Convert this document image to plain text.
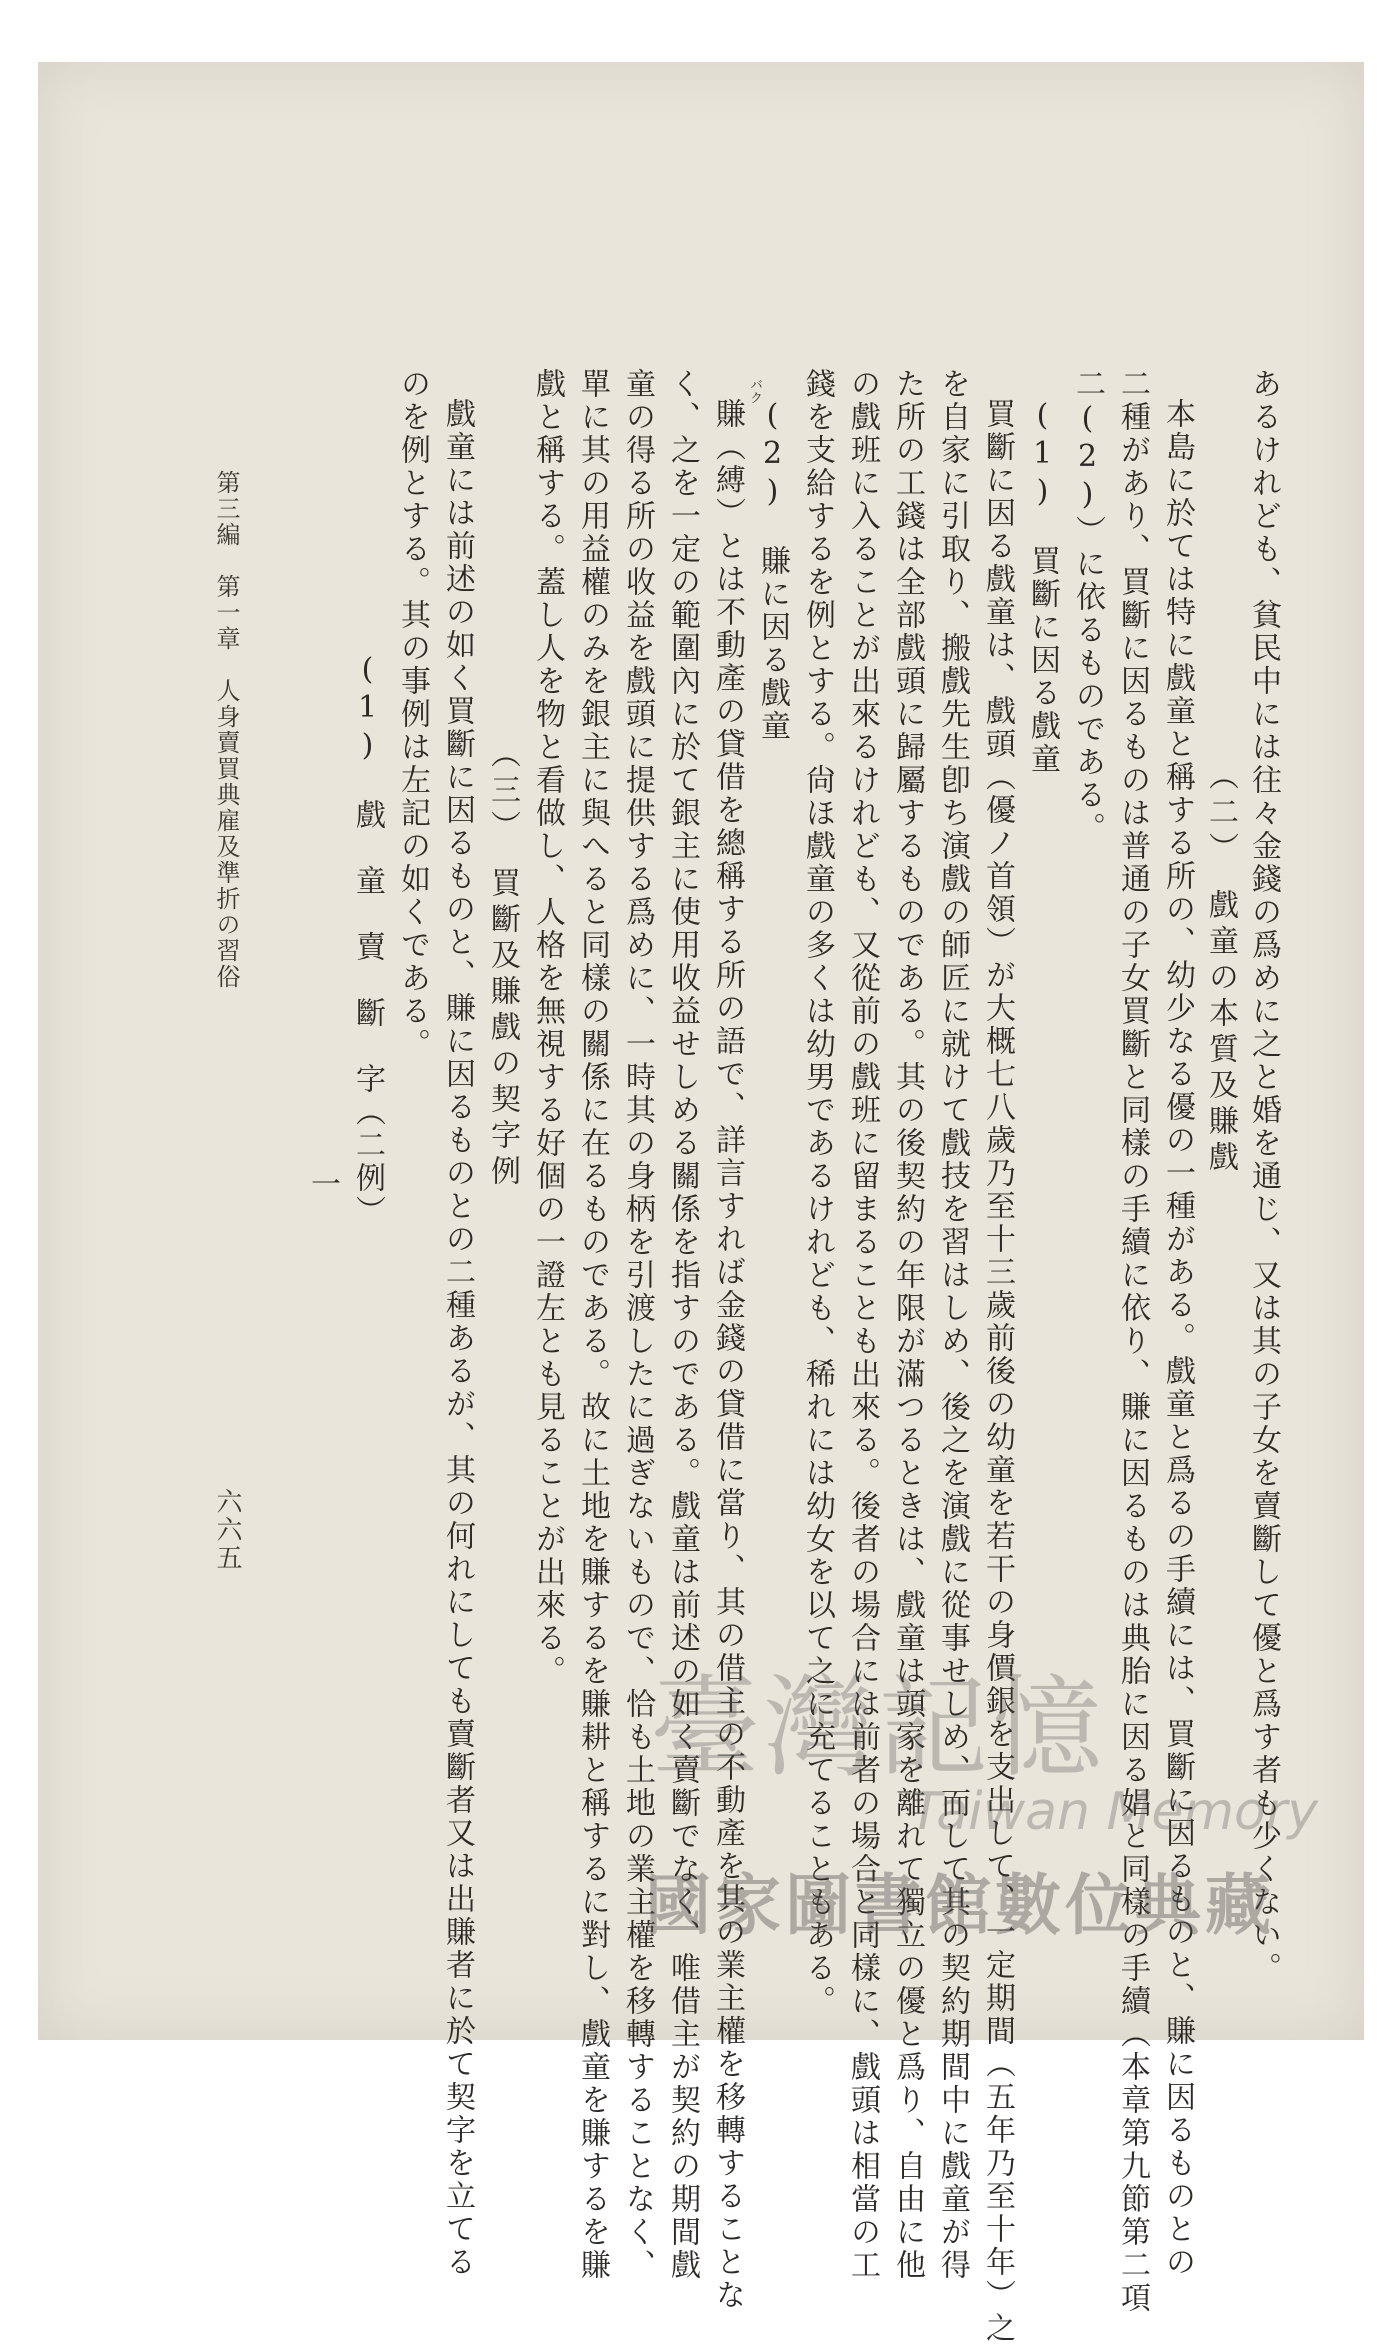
あるけれども、貧民中には往々金錢の爲めに之と婚を通じ、又は其の子女を賣斷して優と爲す者も少くない。
（二）　戲童の本質及賺戲
本島に於ては特に戲童と稱する所の、幼少なる優の一種がある。戲童と爲るの手續には、買斷に因るものと、賺に因るものとの
二種があり、買斷に因るものは普通の子女買斷と同樣の手續に依り、賺に因るものは典胎に因る娼と同樣の手續（本章第九節第二項
二(2)）に依るものである。
(1)　買斷に因る戲童
買斷に因る戲童は、戲頭（優ノ首領）が大概七八歲乃至十三歲前後の幼童を若干の身價銀を支出して、一定期間（五年乃至十年）之
を自家に引取り、搬戲先生卽ち演戲の師匠に就けて戲技を習はしめ、後之を演戲に從事せしめ、而して其の契約期間中に戲童が得
た所の工錢は全部戲頭に歸屬するものである。其の後契約の年限が滿つるときは、戲童は頭家を離れて獨立の優と爲り、自由に他
の戲班に入ることが出來るけれども、又從前の戲班に留まることも出來る。後者の場合には前者の場合と同樣に、戲頭は相當の工
錢を支給するを例とする。尙ほ戲童の多くは幼男であるけれども、稀れには幼女を以て之に充てることもある。
(2)　賺に因る戲童
バク
賺（縛）とは不動產の貸借を總稱する所の語で、詳言すれば金錢の貸借に當り、其の借主の不動產を其の業主權を移轉することな
く、之を一定の範圍內に於て銀主に使用收益せしめる關係を指すのである。戲童は前述の如く賣斷でなく、唯借主が契約の期間戲
童の得る所の收益を戲頭に提供する爲めに、一時其の身柄を引渡したに過ぎないもので、恰も土地の業主權を移轉することなく、
單に其の用益權のみを銀主に與へると同樣の關係に在るものである。故に土地を賺するを賺耕と稱するに對し、戲童を賺するを賺
戲と稱する。蓋し人を物と看做し、人格を無視する好個の一證左とも見ることが出來る。
（三）　買斷及賺戲の契字例
戲童には前述の如く買斷に因るものと、賺に因るものとの二種あるが、其の何れにしても賣斷者又は出賺者に於て契字を立てる
のを例とする。其の事例は左記の如くである。
(1)　戲　童　賣　斷　字（二例）
一
第三編　第一章　人身賣買典雇及準折の習俗
六六五
臺灣記憶
Taiwan Memory
國家圖書館數位典藏
